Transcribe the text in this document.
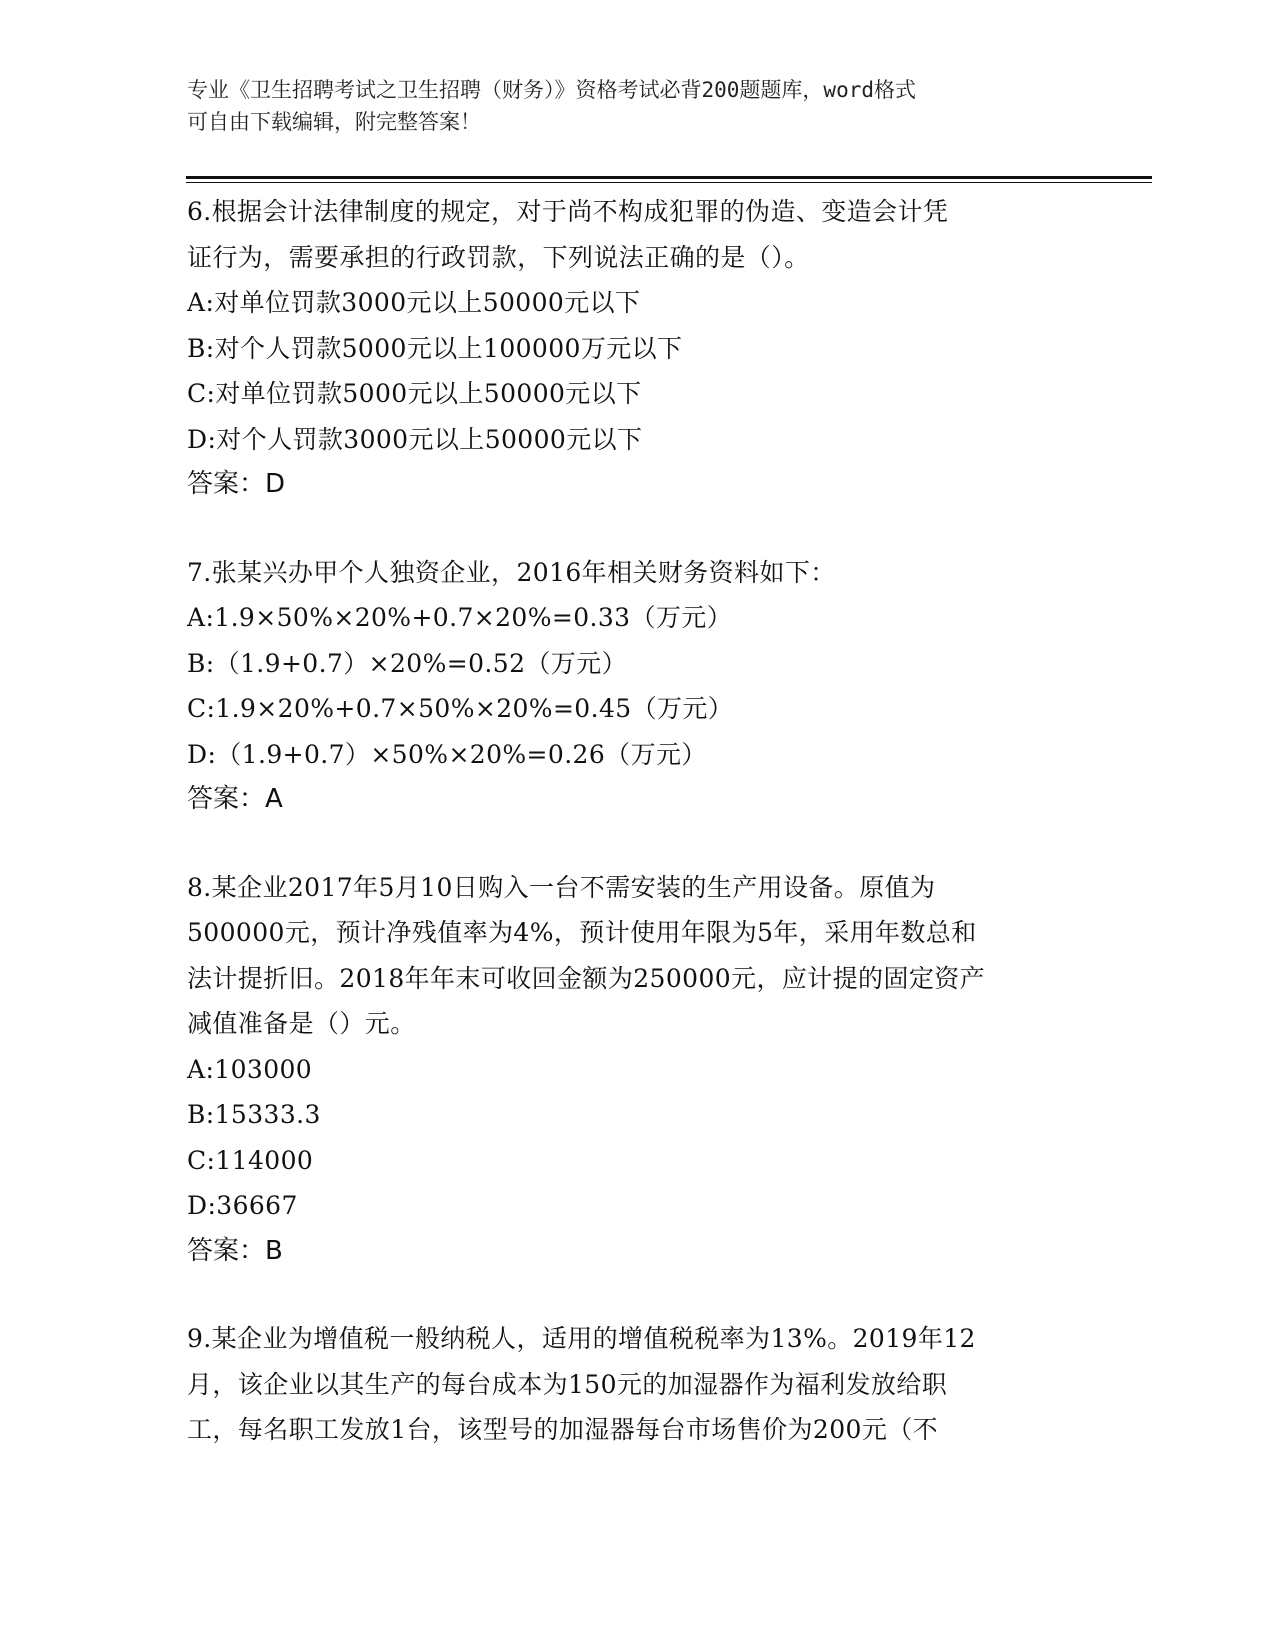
专业《卫生招聘考试之卫生招聘（财务）》资格考试必背200题题库，word格式
可自由下载编辑，附完整答案！
6.根据会计法律制度的规定，对于尚不构成犯罪的伪造、变造会计凭
证行为，需要承担的行政罚款，下列说法正确的是（）。
A:对单位罚款3000元以上50000元以下
B:对个人罚款5000元以上100000万元以下
C:对单位罚款5000元以上50000元以下
D:对个人罚款3000元以上50000元以下
答案：D
7.张某兴办甲个人独资企业，2016年相关财务资料如下：
A:1.9×50%×20%+0.7×20%=0.33（万元）
B:（1.9+0.7）×20%=0.52（万元）
C:1.9×20%+0.7×50%×20%=0.45（万元）
D:（1.9+0.7）×50%×20%=0.26（万元）
答案：A
8.某企业2017年5月10日购入一台不需安装的生产用设备。原值为
500000元，预计净残值率为4%，预计使用年限为5年，采用年数总和
法计提折旧。2018年年末可收回金额为250000元，应计提的固定资产
减值准备是（）元。
A:103000
B:15333.3
C:114000
D:36667
答案：B
9.某企业为增值税一般纳税人，适用的增值税税率为13%。2019年12
月，该企业以其生产的每台成本为150元的加湿器作为福利发放给职
工，每名职工发放1台，该型号的加湿器每台市场售价为200元（不
